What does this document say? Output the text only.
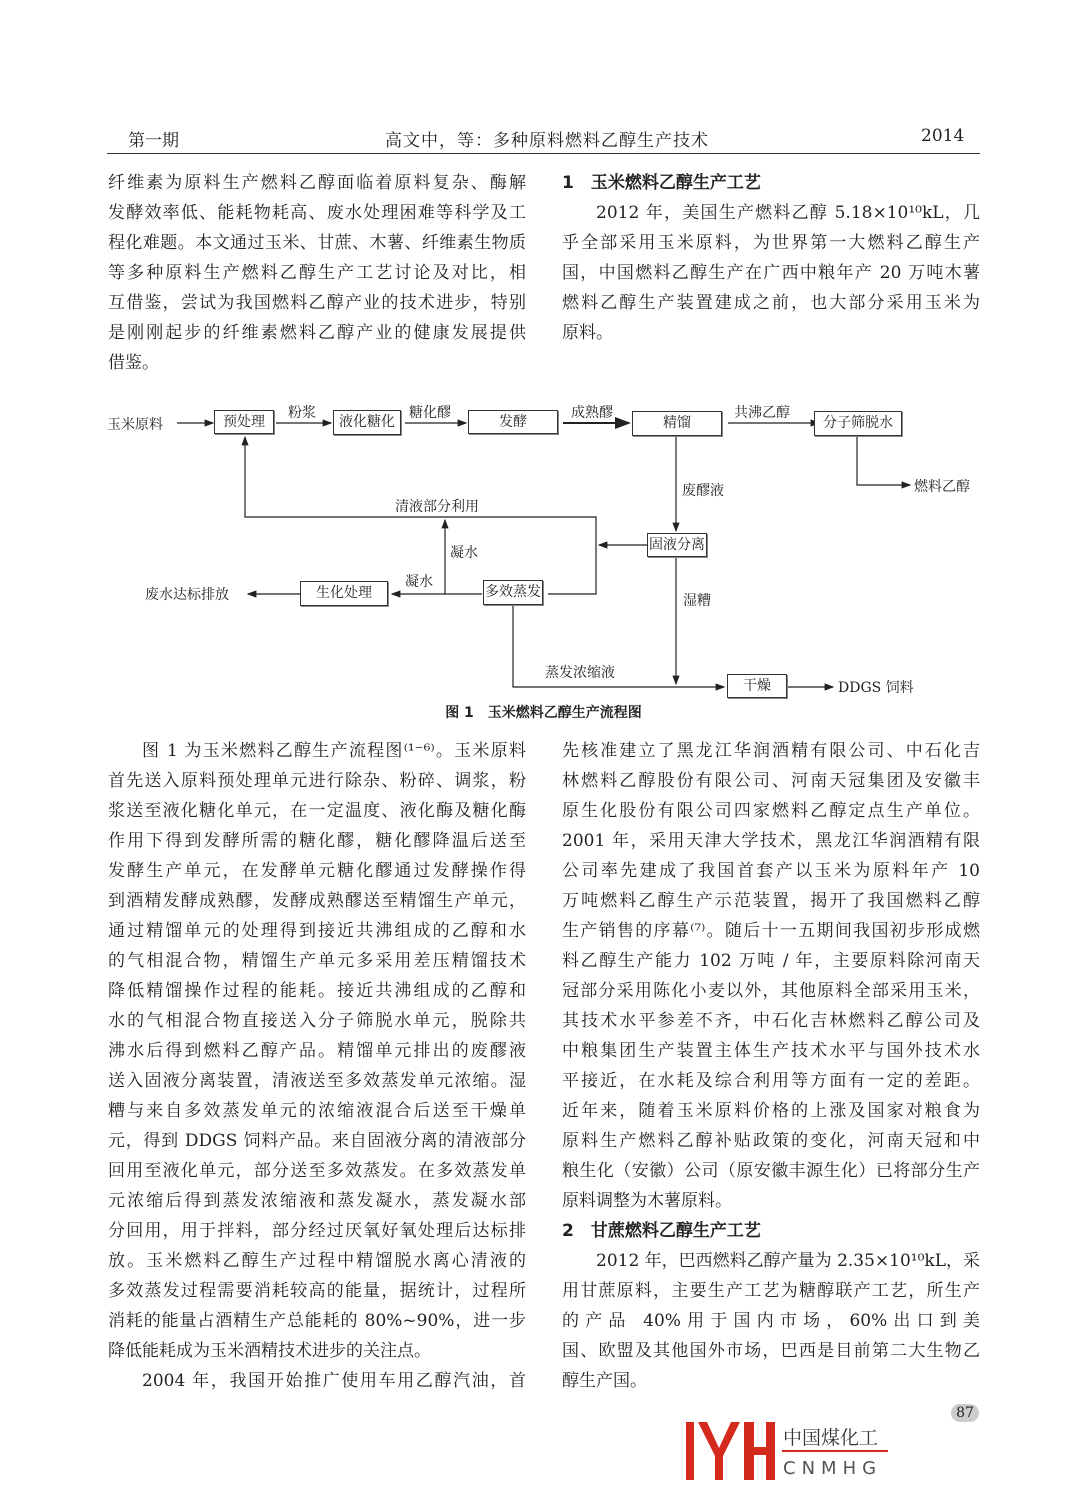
第一期	高文中，等：多种原料燃料乙醇生产技术	2014
纤维素为原料生产燃料乙醇面临着原料复杂、酶解
发酵效率低、能耗物耗高、废水处理困难等科学及工
程化难题。本文通过玉米、甘蔗、木薯、纤维素生物质
等多种原料生产燃料乙醇生产工艺讨论及对比，相
互借鉴，尝试为我国燃料乙醇产业的技术进步，特别
是刚刚起步的纤维素燃料乙醇产业的健康发展提供
借鉴。
1　玉米燃料乙醇生产工艺
2012 年，美国生产燃料乙醇 5.18×10¹⁰kL，几
乎全部采用玉米原料，为世界第一大燃料乙醇生产
国，中国燃料乙醇生产在广西中粮年产 20 万吨木薯
燃料乙醇生产装置建成之前，也大部分采用玉米为
原料。
图 1 为玉米燃料乙醇生产流程图⁽¹⁻⁶⁾。玉米原料
首先送入原料预处理单元进行除杂、粉碎、调浆，粉
浆送至液化糖化单元，在一定温度、液化酶及糖化酶
作用下得到发酵所需的糖化醪，糖化醪降温后送至
发酵生产单元，在发酵单元糖化醪通过发酵操作得
到酒精发酵成熟醪，发酵成熟醪送至精馏生产单元，
通过精馏单元的处理得到接近共沸组成的乙醇和水
的气相混合物，精馏生产单元多采用差压精馏技术
降低精馏操作过程的能耗。接近共沸组成的乙醇和
水的气相混合物直接送入分子筛脱水单元，脱除共
沸水后得到燃料乙醇产品。精馏单元排出的废醪液
送入固液分离装置，清液送至多效蒸发单元浓缩。湿
糟与来自多效蒸发单元的浓缩液混合后送至干燥单
元，得到 DDGS 饲料产品。来自固液分离的清液部分
回用至液化单元，部分送至多效蒸发。在多效蒸发单
元浓缩后得到蒸发浓缩液和蒸发凝水，蒸发凝水部
分回用，用于拌料，部分经过厌氧好氧处理后达标排
放。玉米燃料乙醇生产过程中精馏脱水离心清液的
多效蒸发过程需要消耗较高的能量，据统计，过程所
消耗的能量占酒精生产总能耗的 80%~90%，进一步
降低能耗成为玉米酒精技术进步的关注点。
2004 年，我国开始推广使用车用乙醇汽油，首
先核准建立了黑龙江华润酒精有限公司、中石化吉
林燃料乙醇股份有限公司、河南天冠集团及安徽丰
原生化股份有限公司四家燃料乙醇定点生产单位。
2001 年，采用天津大学技术，黑龙江华润酒精有限
公司率先建成了我国首套产以玉米为原料年产 10
万吨燃料乙醇生产示范装置，揭开了我国燃料乙醇
生产销售的序幕⁽⁷⁾。随后十一五期间我国初步形成燃
料乙醇生产能力 102 万吨 / 年，主要原料除河南天
冠部分采用陈化小麦以外，其他原料全部采用玉米，
其技术水平参差不齐，中石化吉林燃料乙醇公司及
中粮集团生产装置主体生产技术水平与国外技术水
平接近，在水耗及综合利用等方面有一定的差距。
近年来，随着玉米原料价格的上涨及国家对粮食为
原料生产燃料乙醇补贴政策的变化，河南天冠和中
粮生化（安徽）公司（原安徽丰源生化）已将部分生产
原料调整为木薯原料。
2　甘蔗燃料乙醇生产工艺
2012 年，巴西燃料乙醇产量为 2.35×10¹⁰kL，采
用甘蔗原料，主要生产工艺为糖醇联产工艺，所生产
的产品 40%用于国内市场，60%出口到美
国、欧盟及其他国外市场，巴西是目前第二大生物乙
醇生产国。
预处理	液化糖化	发酵	精馏	分子筛脱水
固液分离
多效蒸发
生化处理
干燥
玉米原料
粉浆	糖化醪	成熟醪	共沸乙醇
燃料乙醇
废醪液
清液部分利用
凝水
凝水
废水达标排放	湿糟
蒸发浓缩液
DDGS 饲料
图 1　玉米燃料乙醇生产流程图
中国煤化工
CNMHG
87
